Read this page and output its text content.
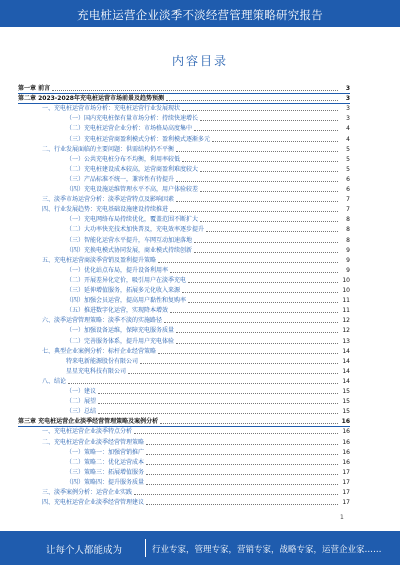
充电桩运营企业淡季不淡经营管理策略研究报告
内容目录
第一章 前言	3
第二章 2023-2028年充电桩运营市场前景及趋势预测	3
一、充电桩运营市场分析：充电桩运营行业发展现状	3
（一）国内充电桩保有量市场分析：持续快速增长	3
（二）充电桩运营企业分析：市场格局高度集中	4
（三）充电桩运营商盈利模式分析：盈利模式逐渐多元	4
二、行业发展面临的主要问题：供需结构仍不平衡	5
（一）公共充电桩分布不均衡，利用率较低	5
（二）充电桩建设成本较高，运营商盈利难度较大	5
（三）产品标准不统一，兼容性有待提升	6
（四）充电设施运维管理水平不高，用户体验较差	6
三、淡季市场运营分析：淡季运营特点及影响因素	7
四、行业发展趋势：充电基础设施建设持续推进	7
（一）充电网络布局持续优化，覆盖范围不断扩大	8
（二）大功率快充技术加快普及，充电效率逐步提升	8
（三）智能化运营水平提升，车网互动加速落地	8
（四）充换电模式协同发展，商业模式持续创新	9
五、充电桩运营商淡季营销及盈利提升策略	9
（一）优化站点布局，提升设备利用率	9
（二）开展差异化定价，吸引用户在淡季充电	10
（三）延伸增值服务，拓展多元化收入来源	10
（四）加强会员运营，提高用户黏性和复购率	11
（五）推进数字化运营，实现降本增效	11
六、淡季运营管理策略：淡季不淡的实施路径	12
（一）加强设备运维，保障充电服务质量	12
（二）完善服务体系，提升用户充电体验	13
七、典型企业案例分析：标杆企业经营策略	14
特来电新能源股份有限公司	14
星星充电科技有限公司	14
八、结论	14
（一）建议	15
（二）展望	15
（三）总结	15
第三章 充电桩运营企业淡季经营管理策略及案例分析	16
一、充电桩运营企业淡季特点分析	16
二、充电桩运营企业淡季经营管理策略	16
（一）策略一：加强营销推广	16
（二）策略二：优化运营成本	16
（三）策略三：拓展增值服务	17
（四）策略四：提升服务质量	17
三、淡季案例分析：运营企业实践	17
四、充电桩运营企业淡季经营管理建议	17
1
让每个人都能成为	行业专家，管理专家，营销专家，战略专家，运营企业家……
